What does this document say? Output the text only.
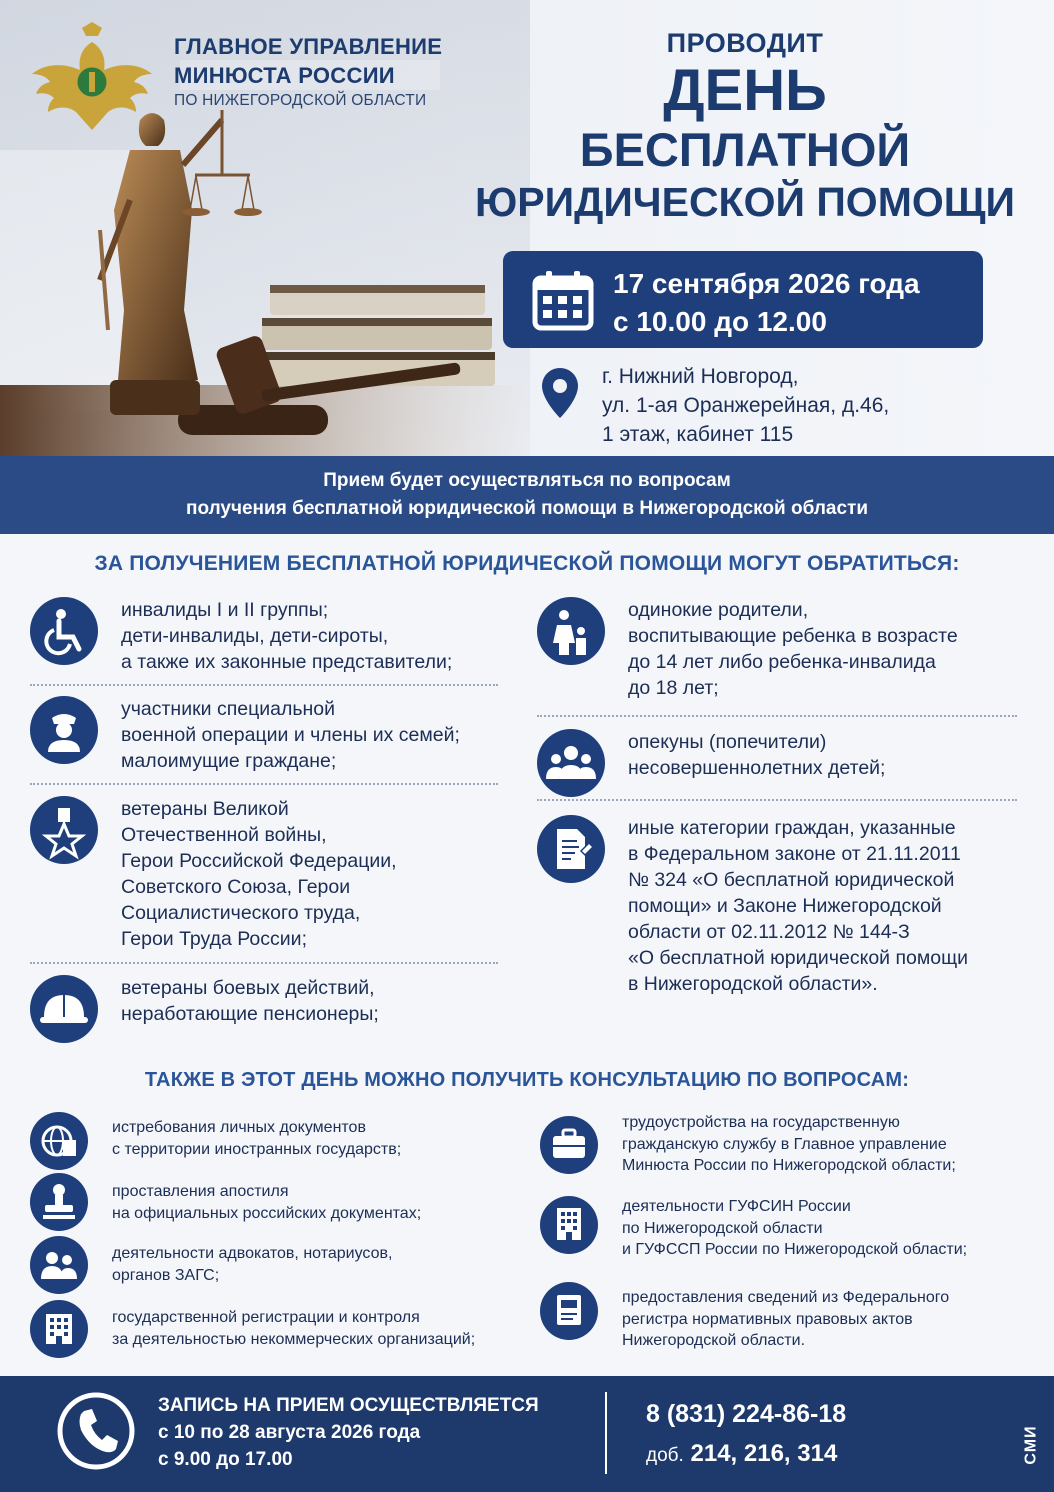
ГЛАВНОЕ УПРАВЛЕНИЕ
МИНЮСТА РОССИИ
ПО НИЖЕГОРОДСКОЙ ОБЛАСТИ
ПРОВОДИТ
ДЕНЬ
БЕСПЛАТНОЙ
ЮРИДИЧЕСКОЙ ПОМОЩИ
17 сентября 2026 года
с 10.00 до 12.00
г. Нижний Новгород,
ул. 1-ая Оранжерейная, д.46,
1 этаж, кабинет 115
Прием будет осуществляться по вопросам
получения бесплатной юридической помощи в Нижегородской области
ЗА ПОЛУЧЕНИЕМ БЕСПЛАТНОЙ ЮРИДИЧЕСКОЙ ПОМОЩИ МОГУТ ОБРАТИТЬСЯ:
инвалиды I и II группы;
дети-инвалиды, дети-сироты,
а также их законные представители;
участники специальной
военной операции и члены их семей;
малоимущие граждане;
ветераны Великой
Отечественной войны,
Герои Российской Федерации,
Советского Союза, Герои
Социалистического труда,
Герои Труда России;
ветераны боевых действий,
неработающие пенсионеры;
одинокие родители,
воспитывающие ребенка в возрасте
до 14 лет либо ребенка-инвалида
до 18 лет;
опекуны (попечители)
несовершеннолетних детей;
иные категории граждан, указанные
в Федеральном законе от 21.11.2011
№ 324 «О бесплатной юридической
помощи» и Законе Нижегородской
области от 02.11.2012 № 144-З
«О бесплатной юридической помощи
в Нижегородской области».
ТАКЖЕ В ЭТОТ ДЕНЬ МОЖНО ПОЛУЧИТЬ КОНСУЛЬТАЦИЮ ПО ВОПРОСАМ:
истребования личных документов
с территории иностранных государств;
проставления апостиля
на официальных российских документах;
деятельности адвокатов, нотариусов,
органов ЗАГС;
государственной регистрации и контроля
за деятельностью некоммерческих организаций;
трудоустройства на государственную
гражданскую службу в Главное управление
Минюста России по Нижегородской области;
деятельности ГУФСИН России
по Нижегородской области
и ГУФССП России по Нижегородской области;
предоставления сведений из Федерального
регистра нормативных правовых актов
Нижегородской области.
ЗАПИСЬ НА ПРИЕМ ОСУЩЕСТВЛЯЕТСЯ
с 10 по 28 августа 2026 года
с 9.00 до 17.00
8 (831) 224-86-18
доб. 214, 216, 314	СМИ
